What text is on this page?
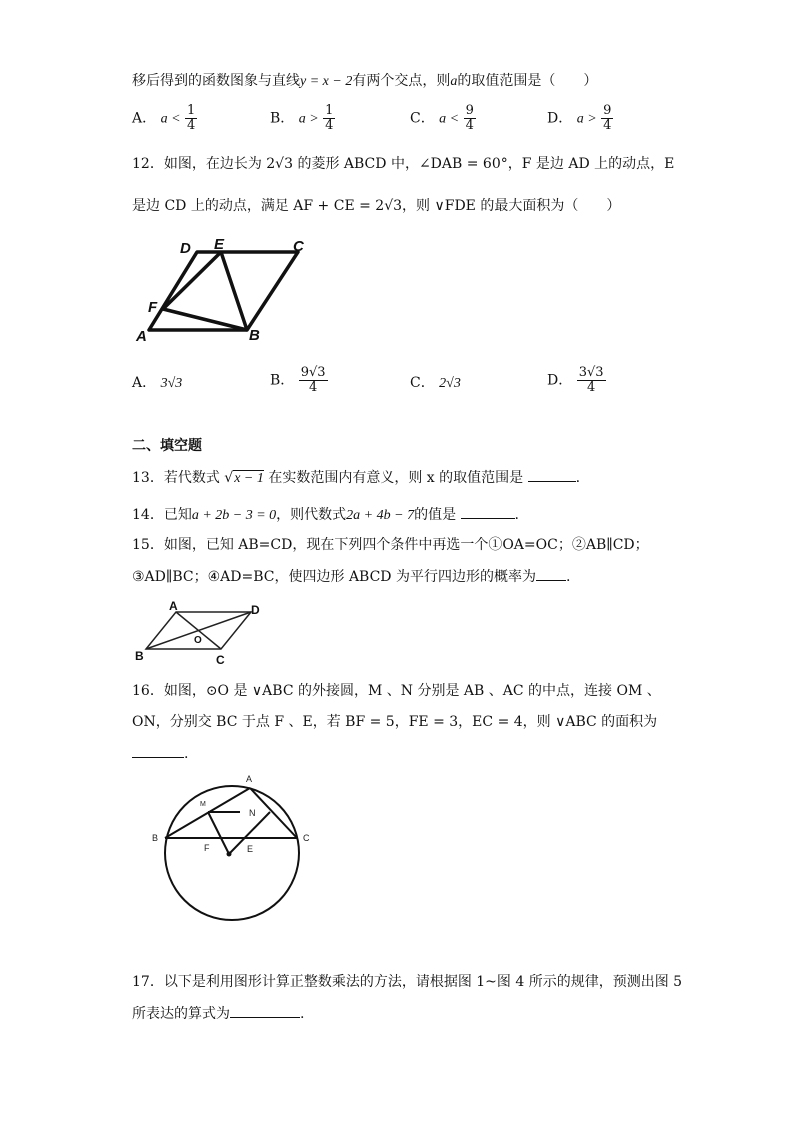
移后得到的函数图象与直线y = x − 2有两个交点，则a的取值范围是（　　）
A． $a < \frac{1}{4}$	B． $a > \frac{1}{4}$	C． $a < \frac{9}{4}$	D． $a > \frac{9}{4}$
12．如图，在边长为 2√3 的菱形 ABCD 中，∠DAB = 60°，F 是边 AD 上的动点，E
是边 CD 上的动点，满足 AF + CE = 2√3，则 ∨FDE 的最大面积为（　　）
D E	C
F
A	B
A． 3√3	B． $\frac{9√3}{4}$	C． 2√3	D． $\frac{3√3}{4}$
二、填空题
13．若代数式 √x − 1 在实数范围内有意义，则 x 的取值范围是	.
14．已知a + 2b − 3 = 0，则代数式2a + 4b − 7的值是	.
15．如图，已知 AB=CD，现在下列四个条件中再选一个①OA=OC；②AB∥CD；
③AD∥BC；④AD=BC，使四边形 ABCD 为平行四边形的概率为 .
A	D
B	C
O
16．如图，⊙O 是 ∨ABC 的外接圆，M 、N 分别是 AB 、AC 的中点，连接 OM 、
ON，分别交 BC 于点 F 、E，若 BF = 5，FE = 3，EC = 4，则 ∨ABC 的面积为
.
A
B	C
M
N
F	E
17．以下是利用图形计算正整数乘法的方法，请根据图 1~图 4 所示的规律，预测出图 5
所表达的算式为	.
